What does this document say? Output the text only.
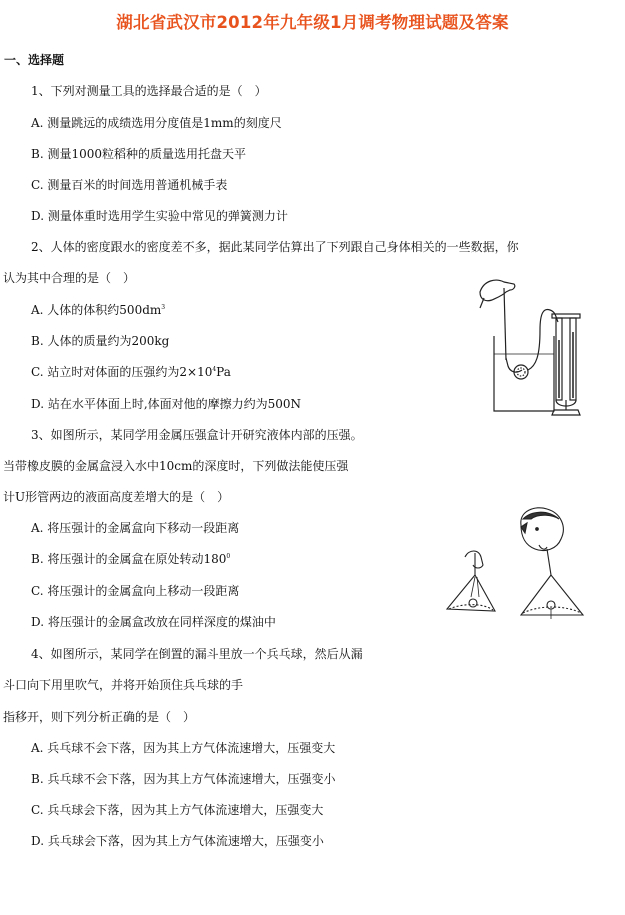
湖北省武汉市2012年九年级1月调考物理试题及答案
一、选择题
1、下列对测量工具的选择最合适的是（　）
A. 测量跳远的成绩选用分度值是1mm的刻度尺
B. 测量1000粒稻种的质量选用托盘天平
C. 测量百米的时间选用普通机械手表
D. 测量体重时选用学生实验中常见的弹簧测力计
2、人体的密度跟水的密度差不多，据此某同学估算出了下列跟自己身体相关的一些数据，你
认为其中合理的是（　）
A. 人体的体积约$500dm^3$
B. 人体的质量约为200kg
C. 站立时对体面的压强约为$2\times 10^4Pa$
D. 站在水平体面上时,体面对他的摩擦力约为500N
3、如图所示，某同学用金属压强盒计开研究液体内部的压强。
当带橡皮膜的金属盒浸入水中10cm的深度时，下列做法能使压强
计U形管两边的液面高度差增大的是（　）
A. 将压强计的金属盒向下移动一段距离
B. 将压强计的金属盒在原处转动$180^0$
C. 将压强计的金属盒向上移动一段距离
D. 将压强计的金属盒改放在同样深度的煤油中
4、如图所示，某同学在倒置的漏斗里放一个兵乓球，然后从漏
斗口向下用里吹气，并将开始顶住兵乓球的手
指移开，则下列分析正确的是（　）
A. 兵乓球不会下落，因为其上方气体流速增大，压强变大
B. 兵乓球不会下落，因为其上方气体流速增大，压强变小
C. 兵乓球会下落，因为其上方气体流速增大，压强变大
D. 兵乓球会下落，因为其上方气体流速增大，压强变小
